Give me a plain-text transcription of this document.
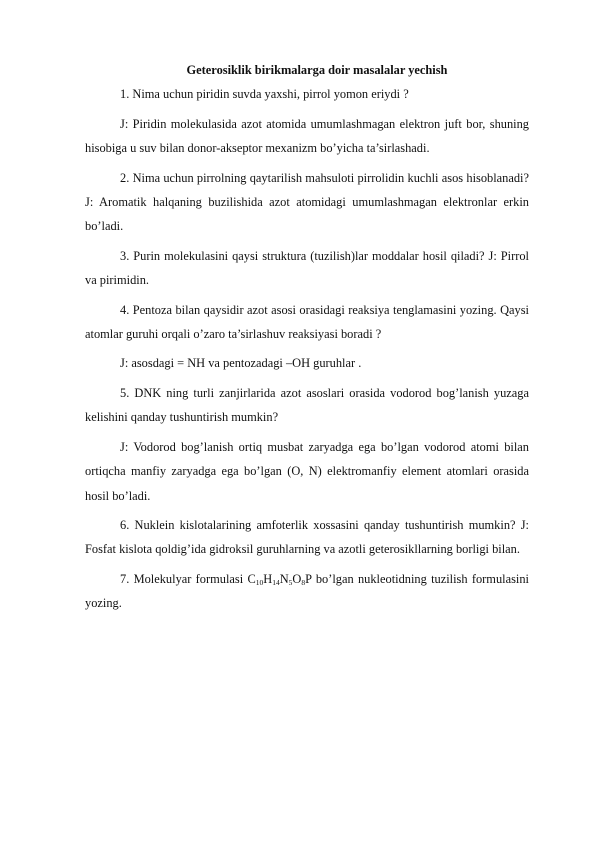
Geterosiklik birikmalarga doir masalalar yechish

1. Nima uchun piridin suvda yaxshi, pirrol yomon eriydi ?

J: Piridin molekulasida azot atomida umumlashmagan elektron juft bor, shuning hisobiga u suv bilan donor-akseptor mexanizm bo’yicha ta’sirlashadi.

2. Nima uchun pirrolning qaytarilish mahsuloti pirrolidin kuchli asos hisoblanadi? J: Aromatik halqaning buzilishida azot atomidagi umumlashmagan elektronlar erkin bo’ladi.

3. Purin molekulasini qaysi struktura (tuzilish)lar moddalar hosil qiladi? J: Pirrol va pirimidin.

4. Pentoza bilan qaysidir azot asosi orasidagi reaksiya tenglamasini yozing. Qaysi atomlar guruhi orqali o’zaro ta’sirlashuv reaksiyasi boradi ?

J: asosdagi = NH va pentozadagi –OH guruhlar .

5. DNK ning turli zanjirlarida azot asoslari orasida vodorod bog’lanish yuzaga kelishini qanday tushuntirish mumkin?

J: Vodorod bog’lanish ortiq musbat zaryadga ega bo’lgan vodorod atomi bilan ortiqcha manfiy zaryadga ega bo’lgan (O, N) elektromanfiy element atomlari orasida hosil bo’ladi.

6. Nuklein kislotalarining amfoterlik xossasini qanday tushuntirish mumkin? J: Fosfat kislota qoldig’ida gidroksil guruhlarning va azotli geterosikllarning borligi bilan.

7. Molekulyar formulasi $C_{10}H_{14}N_5O_8P$ bo’lgan nukleotidning tuzilish formulasini yozing.
